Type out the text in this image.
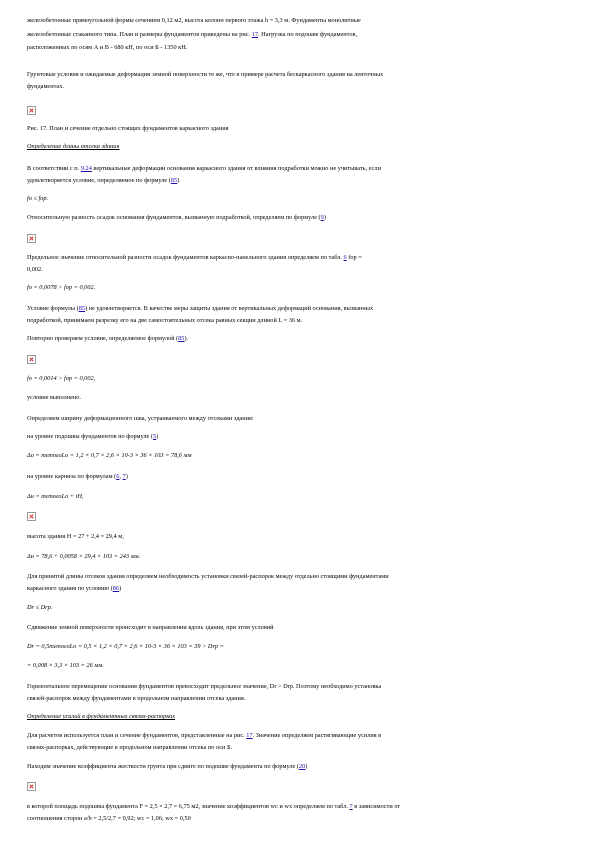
железобетонные прямоугольной формы сечением 0,12 м2, высота колонн первого этажа h = 3,3 м. Фундаменты монолитные
железобетонные стаканного типа. План и размеры фундаментов приведены на рис. 17. Нагрузка по подошве фундаментов,
расположенных по осям А и В - 680 кН, по оси Б - 1350 кН.
Грунтовые условия и ожидаемые деформации земной поверхности те же, что в примере расчета бескаркасного здания на ленточных
фундаментах.
Рис. 17. План и сечение отдельно стоящих фундаментов каркасного здания
Определение длины отсека здания
В соответствии с п. 9.24 вертикальные деформации основания каркасного здания от влияния подработки можно не учитывать, если
удовлетворяется условие, определяемое по формуле (85)
fo ≤ fop.
Относительную разность осадок основания фундаментов, вызванную подработкой, определяем по формуле (9)
Предельное значение относительной разности осадок фундаментов каркасно-панельного здания определяем по табл. 6 fop =
0,002.
fo = 0,0078 > fop = 0,002.
Условие формулы (85) не удовлетворяется. В качестве меры защиты здания от вертикальных деформаций основания, вызванных
подработкой, принимаем разрезку его на две самостоятельных отсека равных секции длиной L = 36 м.
Повторно проверяем условие, определяемое формулой (85).
fo = 0,0014 > fop = 0,002,
условие выполнено.
Определяем ширину деформационного шва, устраиваемого между отсеками здания:
на уровне подошвы фундаментов по формуле (5)
Δo = mεmoεoLo = 1,2 × 0,7 × 2,6 × 10-3 × 36 × 103 = 78,6 мм
на уровне карниза по формулам (6, 7)
Δн = mεmoεoLo + iH,
высота здания H = 27 + 2,4 = 29,4 м,
Δн = 78,6 + 0,0058 × 29,4 × 103 = 243 мм.
Для принятой длины отсеков здания определяем необходимость установки связей-распорок между отдельно стоящими фундаментами
каркасного здания по условию (86)
Dr ≤ Drp.
Сдвижение земной поверхности происходит в направлении вдоль здания, при этом условий
Dr = 0,5mεmoεoLo = 0,5 × 1,2 × 0,7 × 2,6 × 10-3 × 36 × 103 = 39 > Drp =
= 0,008 × 3,3 × 103 = 26 мм.
Горизонтальное перемещение основания фундаментов превосходит предельное значение, Dr > Drp. Поэтому необходимо установка
связей-распорок между фундаментами в продольном направлении отсека здания.
Определение усилий в фундаментных связях-распорках
Для расчетов используется план и сечение фундаментов, представленные на рис. 17. Значение определяем растягивающие усилия в
связях-распорках, действующие в продольном направлении отсека по оси Б.
Находим значение коэффициента жесткости грунта при сдвиге по подошве фундамента по формуле (20)
в которой площадь подошвы фундамента F = 2,5 × 2,7 = 6,75 м2, значение коэффициентов wc и wx определяем по табл. 7 в зависимости от
соотношения сторон a/b = 2,5/2,7 = 0,92; wc = 1,06; wx = 0,50
